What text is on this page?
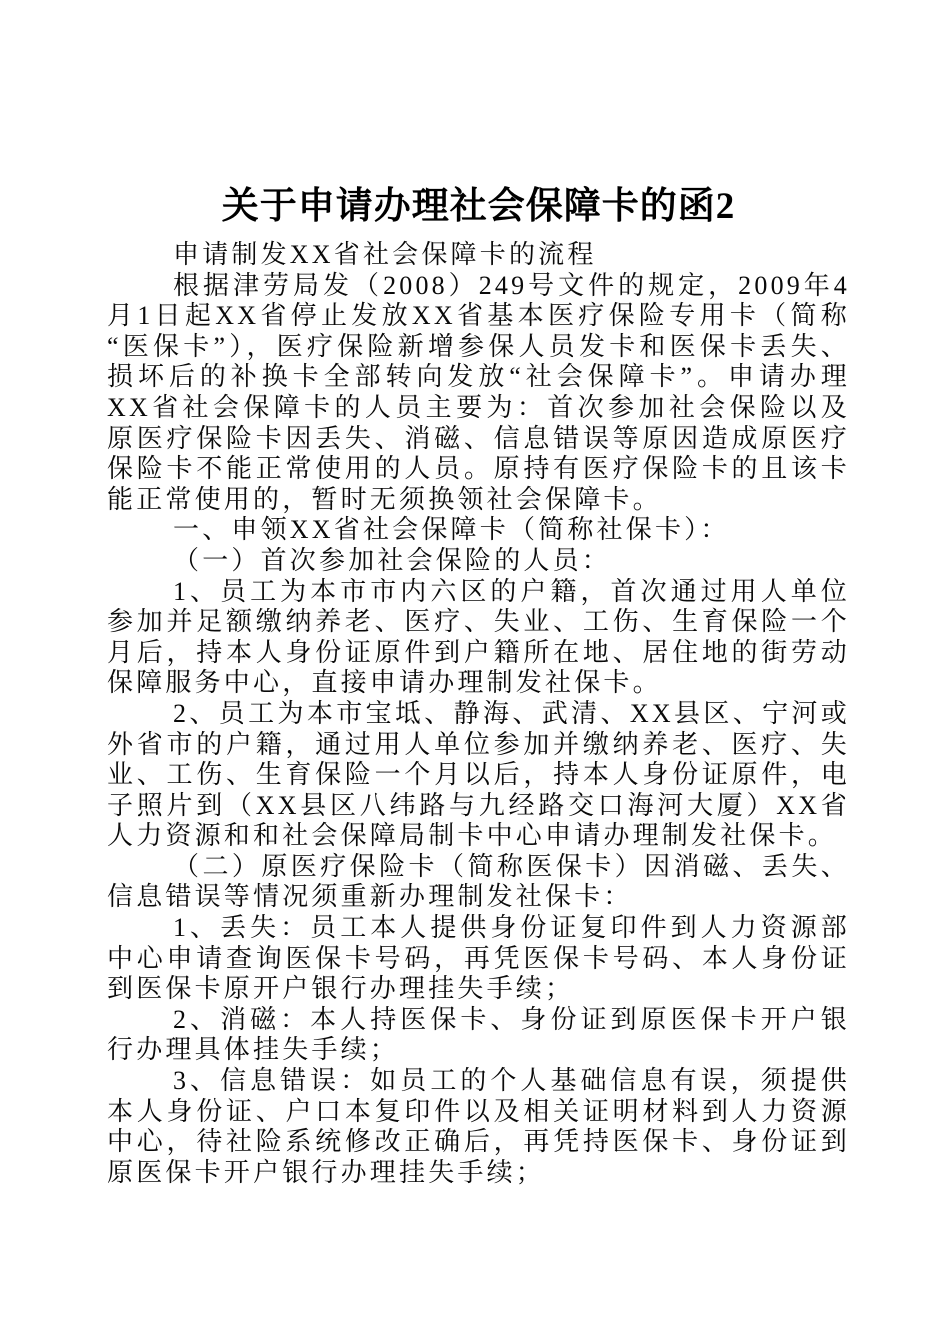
关于申请办理社会保障卡的函2

申请制发XX省社会保障卡的流程

根据津劳局发（2008）249号文件的规定，2009年4月1日起XX省停止发放XX省基本医疗保险专用卡（简称“医保卡”），医疗保险新增参保人员发卡和医保卡丢失、损坏后的补换卡全部转向发放“社会保障卡”。申请办理XX省社会保障卡的人员主要为：首次参加社会保险以及原医疗保险卡因丢失、消磁、信息错误等原因造成原医疗保险卡不能正常使用的人员。原持有医疗保险卡的且该卡能正常使用的，暂时无须换领社会保障卡。

一、申领XX省社会保障卡（简称社保卡）：

（一）首次参加社会保险的人员：

1、员工为本市市内六区的户籍，首次通过用人单位参加并足额缴纳养老、医疗、失业、工伤、生育保险一个月后，持本人身份证原件到户籍所在地、居住地的街劳动保障服务中心，直接申请办理制发社保卡。

2、员工为本市宝坻、静海、武清、XX县区、宁河或外省市的户籍，通过用人单位参加并缴纳养老、医疗、失业、工伤、生育保险一个月以后，持本人身份证原件，电子照片到（XX县区八纬路与九经路交口海河大厦）XX省人力资源和和社会保障局制卡中心申请办理制发社保卡。

（二）原医疗保险卡（简称医保卡）因消磁、丢失、信息错误等情况须重新办理制发社保卡：

1、丢失：员工本人提供身份证复印件到人力资源部中心申请查询医保卡号码，再凭医保卡号码、本人身份证到医保卡原开户银行办理挂失手续；

2、消磁：本人持医保卡、身份证到原医保卡开户银行办理具体挂失手续；

3、信息错误：如员工的个人基础信息有误，须提供本人身份证、户口本复印件以及相关证明材料到人力资源中心，待社险系统修改正确后，再凭持医保卡、身份证到原医保卡开户银行办理挂失手续；
